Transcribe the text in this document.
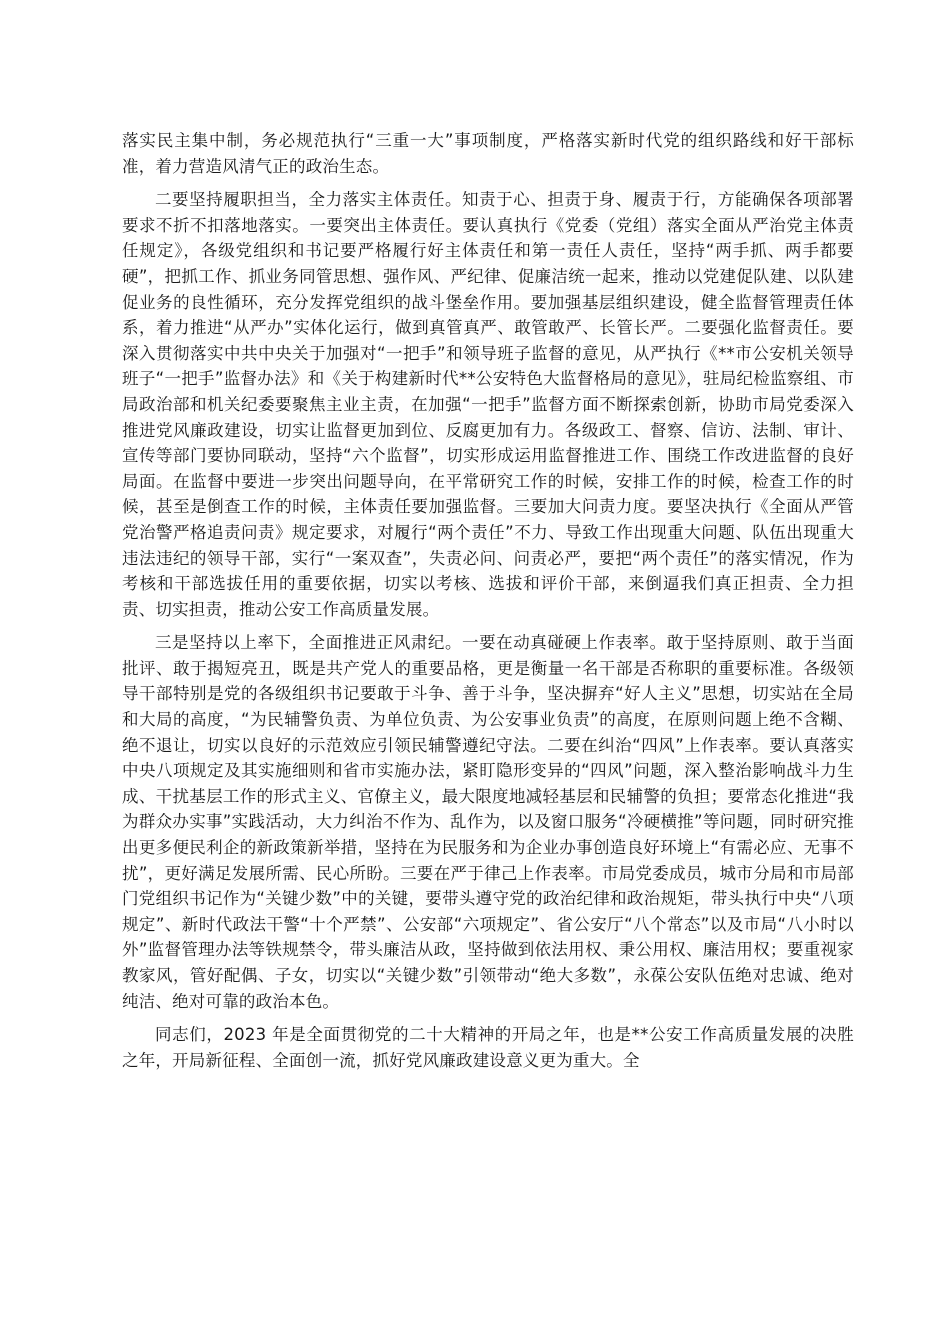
落实民主集中制，务必规范执行“三重一大”事项制度，严格落实新时代党的组织路线和好干部标准，着力营造风清气正的政治生态。

二要坚持履职担当，全力落实主体责任。知责于心、担责于身、履责于行，方能确保各项部署要求不折不扣落地落实。一要突出主体责任。要认真执行《党委（党组）落实全面从严治党主体责任规定》，各级党组织和书记要严格履行好主体责任和第一责任人责任，坚持“两手抓、两手都要硬”，把抓工作、抓业务同管思想、强作风、严纪律、促廉洁统一起来，推动以党建促队建、以队建促业务的良性循环，充分发挥党组织的战斗堡垒作用。要加强基层组织建设，健全监督管理责任体系，着力推进“从严办”实体化运行，做到真管真严、敢管敢严、长管长严。二要强化监督责任。要深入贯彻落实中共中央关于加强对“一把手”和领导班子监督的意见，从严执行《**市公安机关领导班子“一把手”监督办法》和《关于构建新时代**公安特色大监督格局的意见》，驻局纪检监察组、市局政治部和机关纪委要聚焦主业主责，在加强“一把手”监督方面不断探索创新，协助市局党委深入推进党风廉政建设，切实让监督更加到位、反腐更加有力。各级政工、督察、信访、法制、审计、宣传等部门要协同联动，坚持“六个监督”，切实形成运用监督推进工作、围绕工作改进监督的良好局面。在监督中要进一步突出问题导向，在平常研究工作的时候，安排工作的时候，检查工作的时候，甚至是倒查工作的时候，主体责任要加强监督。三要加大问责力度。要坚决执行《全面从严管党治警严格追责问责》规定要求，对履行“两个责任”不力、导致工作出现重大问题、队伍出现重大违法违纪的领导干部，实行“一案双查”，失责必问、问责必严，要把“两个责任”的落实情况，作为考核和干部选拔任用的重要依据，切实以考核、选拔和评价干部，来倒逼我们真正担责、全力担责、切实担责，推动公安工作高质量发展。

三是坚持以上率下，全面推进正风肃纪。一要在动真碰硬上作表率。敢于坚持原则、敢于当面批评、敢于揭短亮丑，既是共产党人的重要品格，更是衡量一名干部是否称职的重要标准。各级领导干部特别是党的各级组织书记要敢于斗争、善于斗争，坚决摒弃“好人主义”思想，切实站在全局和大局的高度，“为民辅警负责、为单位负责、为公安事业负责”的高度，在原则问题上绝不含糊、绝不退让，切实以良好的示范效应引领民辅警遵纪守法。二要在纠治“四风”上作表率。要认真落实中央八项规定及其实施细则和省市实施办法，紧盯隐形变异的“四风”问题，深入整治影响战斗力生成、干扰基层工作的形式主义、官僚主义，最大限度地减轻基层和民辅警的负担；要常态化推进“我为群众办实事”实践活动，大力纠治不作为、乱作为，以及窗口服务“冷硬横推”等问题，同时研究推出更多便民利企的新政策新举措，坚持在为民服务和为企业办事创造良好环境上“有需必应、无事不扰”，更好满足发展所需、民心所盼。三要在严于律己上作表率。市局党委成员，城市分局和市局部门党组织书记作为“关键少数”中的关键，要带头遵守党的政治纪律和政治规矩，带头执行中央“八项规定”、新时代政法干警“十个严禁”、公安部“六项规定”、省公安厅“八个常态”以及市局“八小时以外”监督管理办法等铁规禁令，带头廉洁从政，坚持做到依法用权、秉公用权、廉洁用权；要重视家教家风，管好配偶、子女，切实以“关键少数”引领带动“绝大多数”，永葆公安队伍绝对忠诚、绝对纯洁、绝对可靠的政治本色。

同志们，2023 年是全面贯彻党的二十大精神的开局之年，也是**公安工作高质量发展的决胜之年，开局新征程、全面创一流，抓好党风廉政建设意义更为重大。全
